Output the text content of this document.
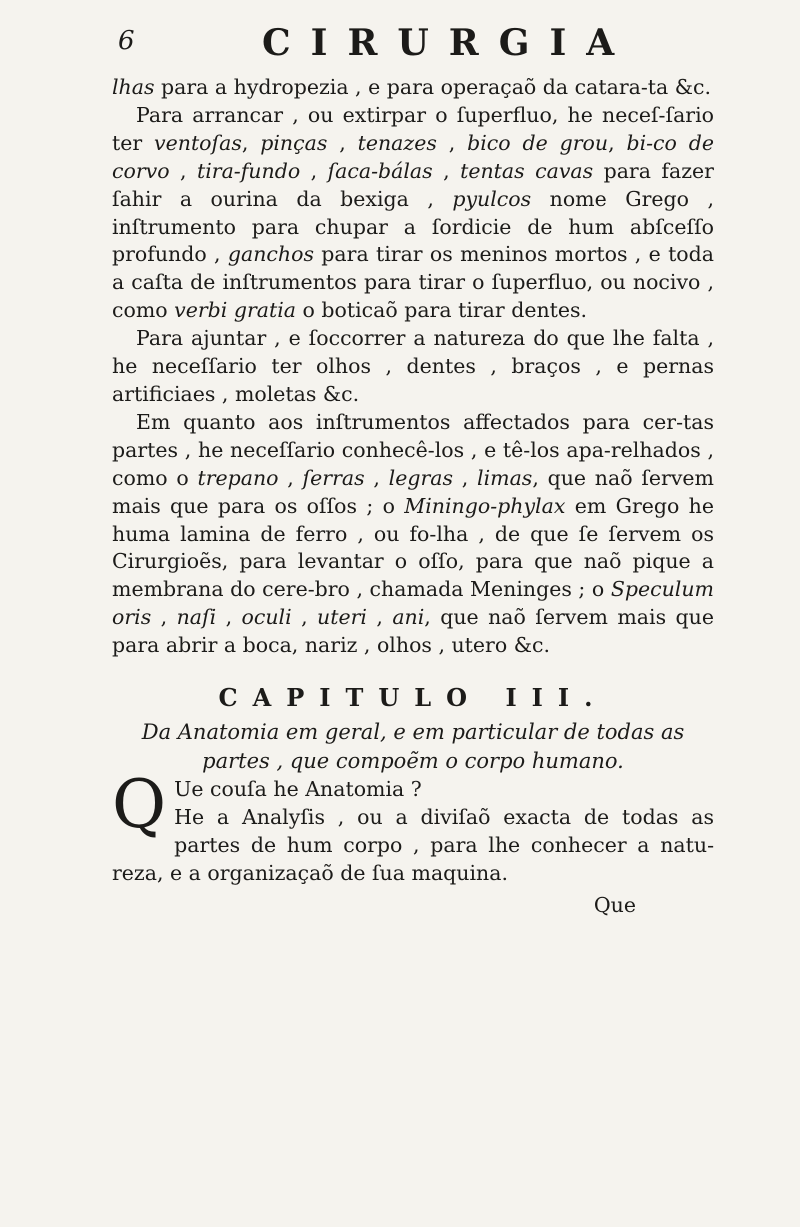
6	CIRURGIA

lhas para a hydropezia , e para operaçaõ da catara-ta &c.

Para arrancar , ou extirpar o ſuperfluo, he neceſ-ſario ter ventoſas, pinças , tenazes , bico de grou, bi-co de corvo , tira-fundo , ſaca-bálas , tentas cavas para fazer ſahir a ourina da bexiga , pyulcos nome Grego , inſtrumento para chupar a ſordicie de hum abſceſſo profundo , ganchos para tirar os meninos mortos , e toda a caſta de inſtrumentos para tirar o ſuperfluo, ou nocivo , como verbi gratia o boticaõ para tirar dentes.

Para ajuntar , e ſoccorrer a natureza do que lhe falta , he neceſſario ter olhos , dentes , braços , e pernas artificiaes , moletas &c.

Em quanto aos inſtrumentos affectados para cer-tas partes , he neceſſario conhecê-los , e tê-los apa-relhados , como o trepano , ſerras , legras , limas, que naõ ſervem mais que para os oſſos ; o Miningo-phylax em Grego he huma lamina de ferro , ou fo-lha , de que ſe ſervem os Cirurgioẽs, para levantar o oſſo, para que naõ pique a membrana do cere-bro , chamada Meninges ; o Speculum oris , naſi , oculi , uteri , ani, que naõ ſervem mais que para abrir a boca, nariz , olhos , utero &c.

CAPITULO III.
Da Anatomia em geral, e em particular de todas as partes , que compoẽm o corpo humano.

Q Ue couſa he Anatomia ?
He a Analyſis , ou a diviſaõ exacta de todas as partes de hum corpo , para lhe conhecer a natu-reza, e a organizaçaõ de ſua maquina.

Que
